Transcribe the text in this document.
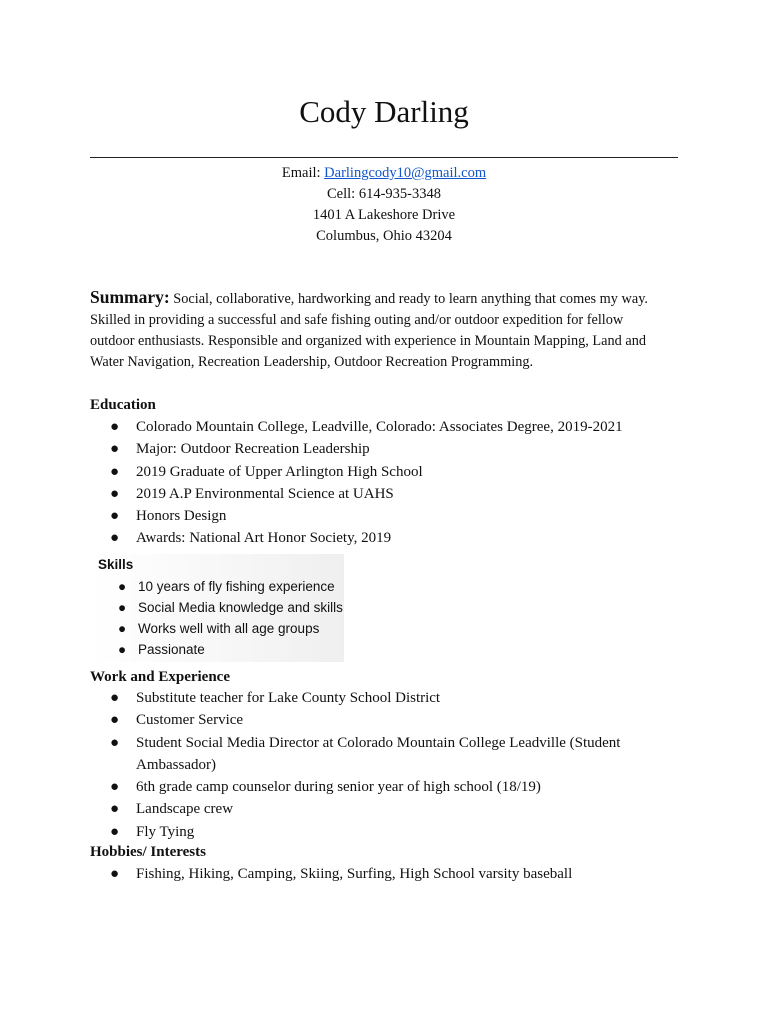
Cody Darling
Email: Darlingcody10@gmail.com
Cell: 614-935-3348
1401 A Lakeshore Drive
Columbus, Ohio 43204
Summary: Social, collaborative, hardworking and ready to learn anything that comes my way. Skilled in providing a successful and safe fishing outing and/or outdoor expedition for fellow outdoor enthusiasts. Responsible and organized with experience in Mountain Mapping, Land and Water Navigation, Recreation Leadership, Outdoor Recreation Programming.
Education
● Colorado Mountain College, Leadville, Colorado: Associates Degree, 2019-2021
● Major: Outdoor Recreation Leadership
● 2019 Graduate of Upper Arlington High School
● 2019 A.P Environmental Science at UAHS
● Honors Design
● Awards: National Art Honor Society, 2019
Skills
● 10 years of fly fishing experience
● Social Media knowledge and skills
● Works well with all age groups
● Passionate
Work and Experience
● Substitute teacher for Lake County School District
● Customer Service
● Student Social Media Director at Colorado Mountain College Leadville (Student Ambassador)
● 6th grade camp counselor during senior year of high school (18/19)
● Landscape crew
● Fly Tying
Hobbies/ Interests
● Fishing, Hiking, Camping, Skiing, Surfing, High School varsity baseball
